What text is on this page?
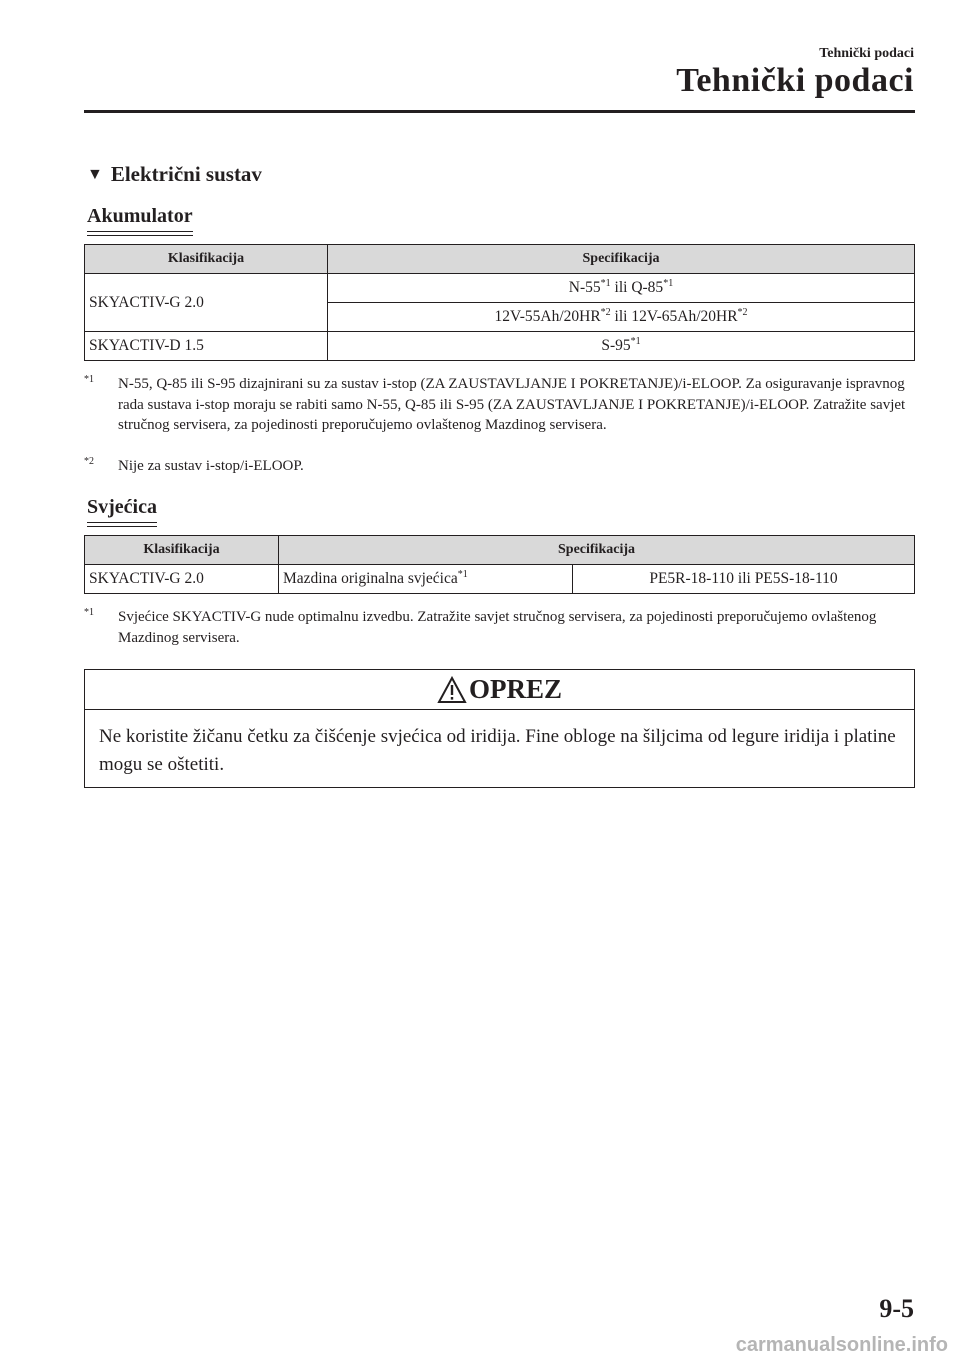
Tehnički podaci
Tehnički podaci
▼ Električni sustav
Akumulator
Klasifikacija	Specifikacija
SKYACTIV-G 2.0	N-55$^{*1}$ ili Q-85$^{*1}$
	12V-55Ah/20HR$^{*2}$ ili 12V-65Ah/20HR$^{*2}$
SKYACTIV-D 1.5	S-95$^{*1}$
$^{*1}$ N-55, Q-85 ili S-95 dizajnirani su za sustav i-stop (ZA ZAUSTAVLJANJE I POKRETANJE)/i-ELOOP. Za osiguravanje ispravnog rada sustava i-stop moraju se rabiti samo N-55, Q-85 ili S-95 (ZA ZAUSTAVLJANJE I POKRETANJE)/i-ELOOP. Zatražite savjet stručnog servisera, za pojedinosti preporučujemo ovlaštenog Mazdinog servisera.
$^{*2}$ Nije za sustav i-stop/i-ELOOP.
Svjećica
Klasifikacija	Specifikacija	
SKYACTIV-G 2.0	Mazdina originalna svjećica$^{*1}$	PE5R-18-110 ili PE5S-18-110
$^{*1}$ Svjećice SKYACTIV-G nude optimalnu izvedbu. Zatražite savjet stručnog servisera, za pojedinosti preporučujemo ovlaštenog Mazdinog servisera.
OPREZ
Ne koristite žičanu četku za čišćenje svjećica od iridija. Fine obloge na šiljcima od legure iridija i platine mogu se oštetiti.
9-5
carmanualsonline.info
